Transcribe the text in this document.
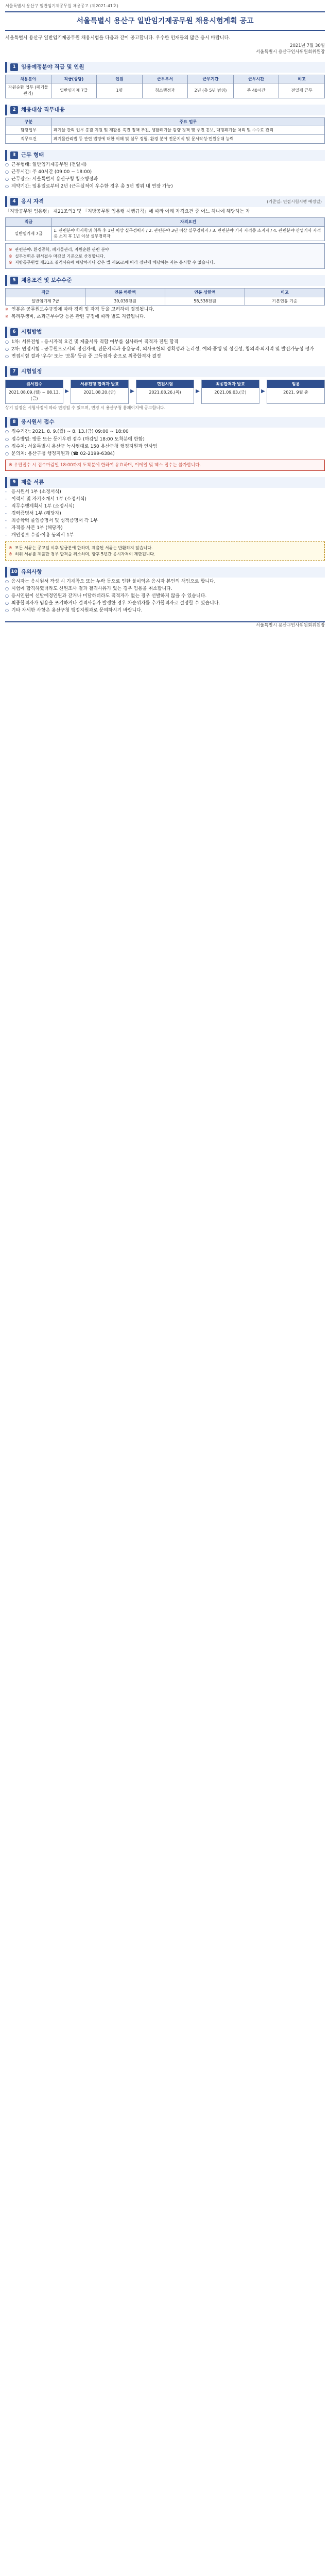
서울특별시 용산구 일반임기제공무원 채용공고 (제2021-41호)
서울특별시 용산구 일반임기제공무원 채용시험계획 공고
서울특별시 용산구 일반임기제공무원 채용시험을 다음과 같이 공고합니다. 우수한 인재들의 많은 응시 바랍니다.
2021년 7월 30일
서울특별시 용산구인사위원회위원장
1 임용예정분야 직급 및 인원
채용분야	직급(상당)	인원	근무부서	근무기간	근무시간	비고
자원순환 업무 (폐기물관리)	일반임기제 7급	1명	청소행정과	2년 (총 5년 범위)	주 40시간	전일제 근무
2 채용대상 직무내용
구분	주요 업무
담당업무	폐기물 관리 업무 총괄 지원 및 재활용 촉진 정책 추진, 생활폐기물 감량 정책 및 주민 홍보, 대형폐기물 처리 및 수수료 관리
직무요건	폐기물관리법 등 관련 법령에 대한 이해 및 실무 경험, 환경 분야 전문지식 및 문서작성·민원응대 능력
3 근무 형태
○ 근무형태: 일반임기제공무원 (전일제)
○ 근무시간: 주 40시간 (09:00 ~ 18:00)
○ 근무장소: 서울특별시 용산구청 청소행정과
○ 계약기간: 임용일로부터 2년 (근무실적이 우수한 경우 총 5년 범위 내 연장 가능)
4 응시 자격	(기준일: 면접시험시행 예정일)
「지방공무원 임용령」 제21조의3 및 「지방공무원 임용령 시행규칙」에 따라 아래 자격요건 중 어느 하나에 해당하는 자
직급	자격요건
일반임기제 7급	1. 관련분야 학사학위 취득 후 1년 이상 실무경력자 / 2. 관련분야 3년 이상 실무경력자 / 3. 관련분야 기사 자격증 소지자 / 4. 관련분야 산업기사 자격증 소지 후 1년 이상 실무경력자
※ 관련분야: 환경공학, 폐기물관리, 자원순환 관련 분야
※ 실무경력은 원서접수 마감일 기준으로 산정합니다.
※ 지방공무원법 제31조 결격사유에 해당하거나 같은 법 제66조에 따라 정년에 해당하는 자는 응시할 수 없습니다.
5 채용조건 및 보수수준
직급	연봉 하한액	연봉 상한액	비고
일반임기제 7급	39,039천원	58,538천원	기본연봉 기준
※ 연봉은 공무원보수규정에 따라 경력 및 자격 등을 고려하여 결정됩니다.
※ 복리후생비, 초과근무수당 등은 관련 규정에 따라 별도 지급됩니다.
6 시험방법
○ 1차: 서류전형 - 응시자격 요건 및 제출서류 적합 여부를 심사하여 적격자 전원 합격
○ 2차: 면접시험 - 공무원으로서의 정신자세, 전문지식과 응용능력, 의사표현의 정확성과 논리성, 예의·품행 및 성실성, 창의력·의지력 및 발전가능성 평가
○ 면접시험 결과 '우수' 또는 '보통' 등급 중 고득점자 순으로 최종합격자 결정
7 시험일정
원서접수
2021.08.09.(월) ~ 08.13.(금)
▶
서류전형 합격자 발표
2021.08.20.(금)	▶
면접시험
2021.08.26.(목)	▶
최종합격자 발표
2021.09.03.(금)	▶
임용
2021. 9월 중
상기 일정은 시험사정에 따라 변경될 수 있으며, 변경 시 용산구청 홈페이지에 공고합니다.
8 응시원서 접수
○ 접수기간: 2021. 8. 9.(월) ~ 8. 13.(금) 09:00 ~ 18:00
○ 접수방법: 방문 또는 등기우편 접수 (마감일 18:00 도착분에 한함)
○ 접수처: 서울특별시 용산구 녹사평대로 150 용산구청 행정지원과 인사팀
○ 문의처: 용산구청 행정지원과 (☎ 02-2199-6384)
※ 우편접수 시 접수마감일 18:00까지 도착분에 한하여 유효하며, 이메일 및 팩스 접수는 불가합니다.
9 제출 서류
- 응시원서 1부 (소정서식)
- 이력서 및 자기소개서 1부 (소정서식)
- 직무수행계획서 1부 (소정서식)
- 경력증명서 1부 (해당자)
- 최종학력 졸업증명서 및 성적증명서 각 1부
- 자격증 사본 1부 (해당자)
- 개인정보 수집·이용 동의서 1부
※ 모든 서류는 공고일 이후 발급분에 한하며, 제출된 서류는 반환하지 않습니다.
※ 허위 서류를 제출한 경우 합격을 취소하며, 향후 5년간 응시자격이 제한됩니다.
10 유의사항
○ 응시자는 응시원서 작성 시 기재착오 또는 누락 등으로 인한 불이익은 응시자 본인의 책임으로 합니다.
○ 시험에 합격하였더라도 신원조사 결과 결격사유가 있는 경우 임용을 취소합니다.
○ 응시인원이 선발예정인원과 같거나 미달하더라도 적격자가 없는 경우 선발하지 않을 수 있습니다.
○ 최종합격자가 임용을 포기하거나 결격사유가 발생한 경우 차순위자를 추가합격자로 결정할 수 있습니다.
○ 기타 자세한 사항은 용산구청 행정지원과로 문의하시기 바랍니다.
서울특별시 용산구인사위원회위원장
